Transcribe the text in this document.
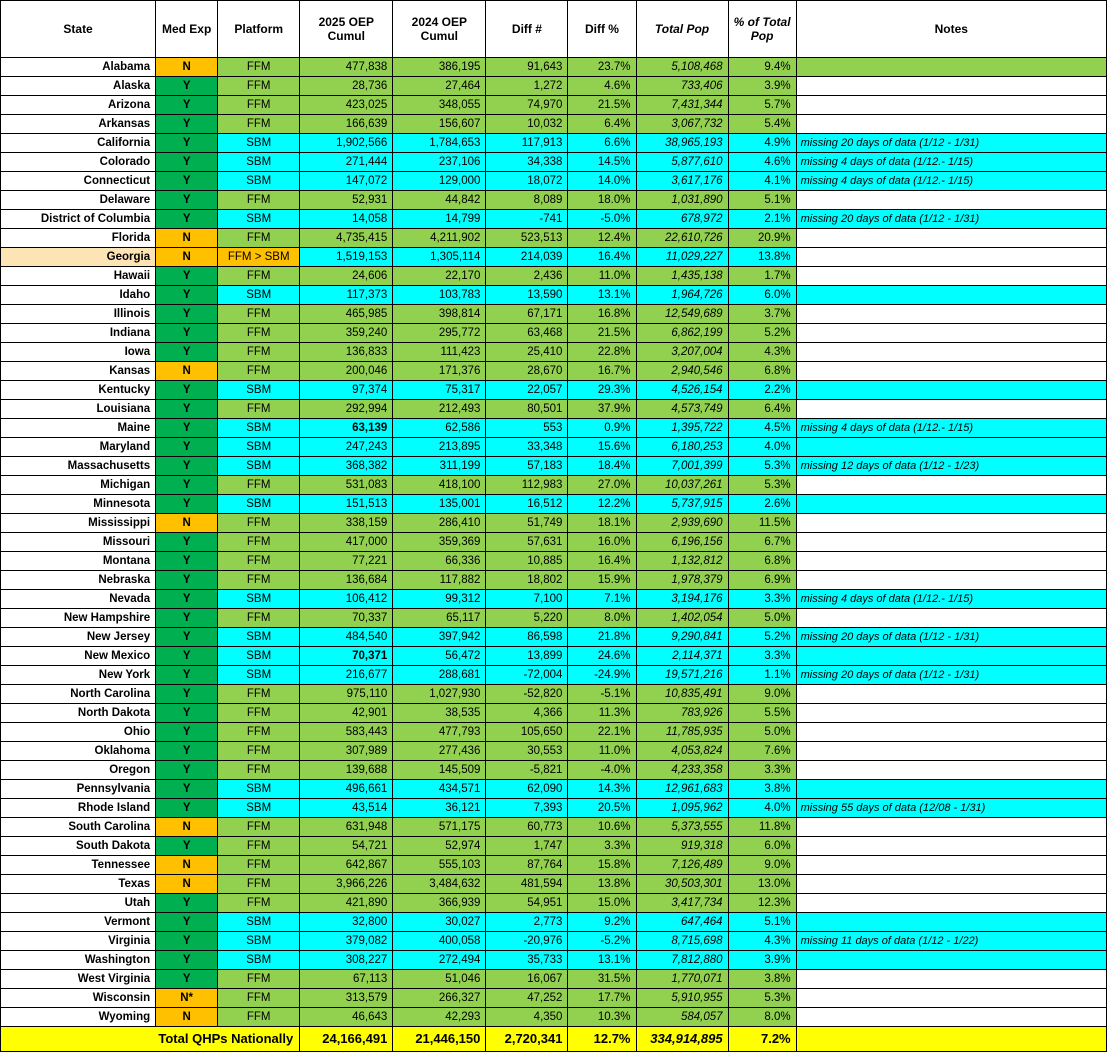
State	Med Exp	Platform	2025 OEP Cumul	2024 OEP Cumul	Diff #	Diff %	Total Pop	% of Total Pop	Notes
Alabama	N	FFM	477,838	386,195	91,643	23.7%	5,108,468	9.4%	
Alaska	Y	FFM	28,736	27,464	1,272	4.6%	733,406	3.9%	
Arizona	Y	FFM	423,025	348,055	74,970	21.5%	7,431,344	5.7%	
Arkansas	Y	FFM	166,639	156,607	10,032	6.4%	3,067,732	5.4%	
California	Y	SBM	1,902,566	1,784,653	117,913	6.6%	38,965,193	4.9%	missing 20 days of data (1/12 - 1/31)
Colorado	Y	SBM	271,444	237,106	34,338	14.5%	5,877,610	4.6%	missing 4 days of data (1/12.- 1/15)
Connecticut	Y	SBM	147,072	129,000	18,072	14.0%	3,617,176	4.1%	missing 4 days of data (1/12.- 1/15)
Delaware	Y	FFM	52,931	44,842	8,089	18.0%	1,031,890	5.1%	
District of Columbia	Y	SBM	14,058	14,799	-741	-5.0%	678,972	2.1%	missing 20 days of data (1/12 - 1/31)
Florida	N	FFM	4,735,415	4,211,902	523,513	12.4%	22,610,726	20.9%	
Georgia	N	FFM > SBM	1,519,153	1,305,114	214,039	16.4%	11,029,227	13.8%	
Hawaii	Y	FFM	24,606	22,170	2,436	11.0%	1,435,138	1.7%	
Idaho	Y	SBM	117,373	103,783	13,590	13.1%	1,964,726	6.0%	
Illinois	Y	FFM	465,985	398,814	67,171	16.8%	12,549,689	3.7%	
Indiana	Y	FFM	359,240	295,772	63,468	21.5%	6,862,199	5.2%	
Iowa	Y	FFM	136,833	111,423	25,410	22.8%	3,207,004	4.3%	
Kansas	N	FFM	200,046	171,376	28,670	16.7%	2,940,546	6.8%	
Kentucky	Y	SBM	97,374	75,317	22,057	29.3%	4,526,154	2.2%	
Louisiana	Y	FFM	292,994	212,493	80,501	37.9%	4,573,749	6.4%	
Maine	Y	SBM	63,139	62,586	553	0.9%	1,395,722	4.5%	missing 4 days of data (1/12.- 1/15)
Maryland	Y	SBM	247,243	213,895	33,348	15.6%	6,180,253	4.0%	
Massachusetts	Y	SBM	368,382	311,199	57,183	18.4%	7,001,399	5.3%	missing 12 days of data (1/12 - 1/23)
Michigan	Y	FFM	531,083	418,100	112,983	27.0%	10,037,261	5.3%	
Minnesota	Y	SBM	151,513	135,001	16,512	12.2%	5,737,915	2.6%	
Mississippi	N	FFM	338,159	286,410	51,749	18.1%	2,939,690	11.5%	
Missouri	Y	FFM	417,000	359,369	57,631	16.0%	6,196,156	6.7%	
Montana	Y	FFM	77,221	66,336	10,885	16.4%	1,132,812	6.8%	
Nebraska	Y	FFM	136,684	117,882	18,802	15.9%	1,978,379	6.9%	
Nevada	Y	SBM	106,412	99,312	7,100	7.1%	3,194,176	3.3%	missing 4 days of data (1/12.- 1/15)
New Hampshire	Y	FFM	70,337	65,117	5,220	8.0%	1,402,054	5.0%	
New Jersey	Y	SBM	484,540	397,942	86,598	21.8%	9,290,841	5.2%	missing 20 days of data (1/12 - 1/31)
New Mexico	Y	SBM	70,371	56,472	13,899	24.6%	2,114,371	3.3%	
New York	Y	SBM	216,677	288,681	-72,004	-24.9%	19,571,216	1.1%	missing 20 days of data (1/12 - 1/31)
North Carolina	Y	FFM	975,110	1,027,930	-52,820	-5.1%	10,835,491	9.0%	
North Dakota	Y	FFM	42,901	38,535	4,366	11.3%	783,926	5.5%	
Ohio	Y	FFM	583,443	477,793	105,650	22.1%	11,785,935	5.0%	
Oklahoma	Y	FFM	307,989	277,436	30,553	11.0%	4,053,824	7.6%	
Oregon	Y	FFM	139,688	145,509	-5,821	-4.0%	4,233,358	3.3%	
Pennsylvania	Y	SBM	496,661	434,571	62,090	14.3%	12,961,683	3.8%	
Rhode Island	Y	SBM	43,514	36,121	7,393	20.5%	1,095,962	4.0%	missing 55 days of data (12/08 - 1/31)
South Carolina	N	FFM	631,948	571,175	60,773	10.6%	5,373,555	11.8%	
South Dakota	Y	FFM	54,721	52,974	1,747	3.3%	919,318	6.0%	
Tennessee	N	FFM	642,867	555,103	87,764	15.8%	7,126,489	9.0%	
Texas	N	FFM	3,966,226	3,484,632	481,594	13.8%	30,503,301	13.0%	
Utah	Y	FFM	421,890	366,939	54,951	15.0%	3,417,734	12.3%	
Vermont	Y	SBM	32,800	30,027	2,773	9.2%	647,464	5.1%	
Virginia	Y	SBM	379,082	400,058	-20,976	-5.2%	8,715,698	4.3%	missing 11 days of data (1/12 - 1/22)
Washington	Y	SBM	308,227	272,494	35,733	13.1%	7,812,880	3.9%	
West Virginia	Y	FFM	67,113	51,046	16,067	31.5%	1,770,071	3.8%	
Wisconsin	N*	FFM	313,579	266,327	47,252	17.7%	5,910,955	5.3%	
Wyoming	N	FFM	46,643	42,293	4,350	10.3%	584,057	8.0%	
Total QHPs Nationally			24,166,491	21,446,150	2,720,341	12.7%	334,914,895	7.2%	
